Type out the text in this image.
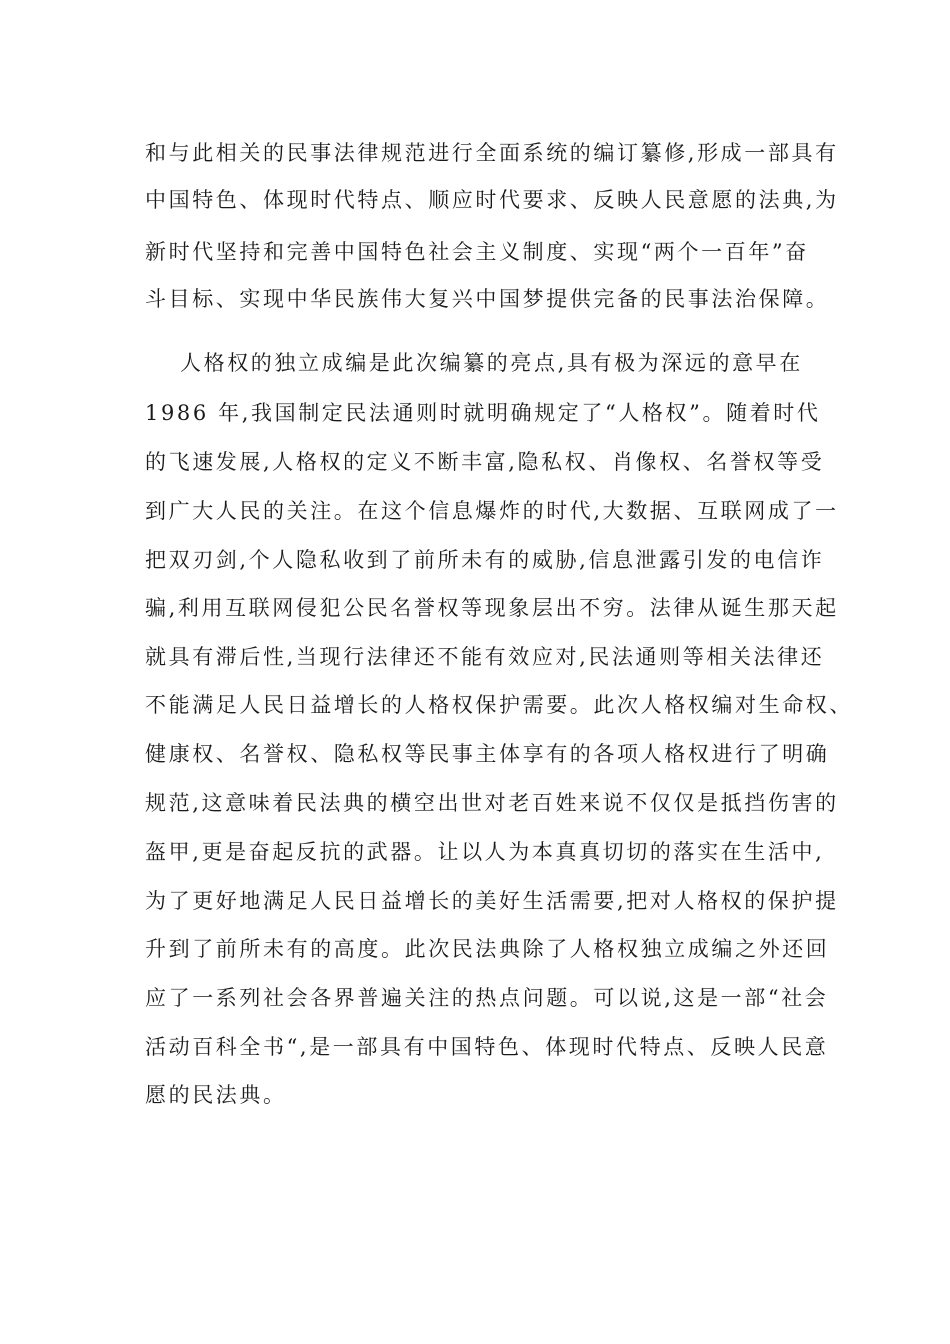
和与此相关的民事法律规范进行全面系统的编订纂修,形成一部具有
中国特色、体现时代特点、顺应时代要求、反映人民意愿的法典,为
新时代坚持和完善中国特色社会主义制度、实现“两个一百年”奋
斗目标、实现中华民族伟大复兴中国梦提供完备的民事法治保障。
人格权的独立成编是此次编纂的亮点,具有极为深远的意早在
1986 年,我国制定民法通则时就明确规定了“人格权”。随着时代
的飞速发展,人格权的定义不断丰富,隐私权、肖像权、名誉权等受
到广大人民的关注。在这个信息爆炸的时代,大数据、互联网成了一
把双刃剑,个人隐私收到了前所未有的威胁,信息泄露引发的电信诈
骗,利用互联网侵犯公民名誉权等现象层出不穷。法律从诞生那天起
就具有滞后性,当现行法律还不能有效应对,民法通则等相关法律还
不能满足人民日益增长的人格权保护需要。此次人格权编对生命权、
健康权、名誉权、隐私权等民事主体享有的各项人格权进行了明确
规范,这意味着民法典的横空出世对老百姓来说不仅仅是抵挡伤害的
盔甲,更是奋起反抗的武器。让以人为本真真切切的落实在生活中,
为了更好地满足人民日益增长的美好生活需要,把对人格权的保护提
升到了前所未有的高度。此次民法典除了人格权独立成编之外还回
应了一系列社会各界普遍关注的热点问题。可以说,这是一部“社会
活动百科全书“,是一部具有中国特色、体现时代特点、反映人民意
愿的民法典。
